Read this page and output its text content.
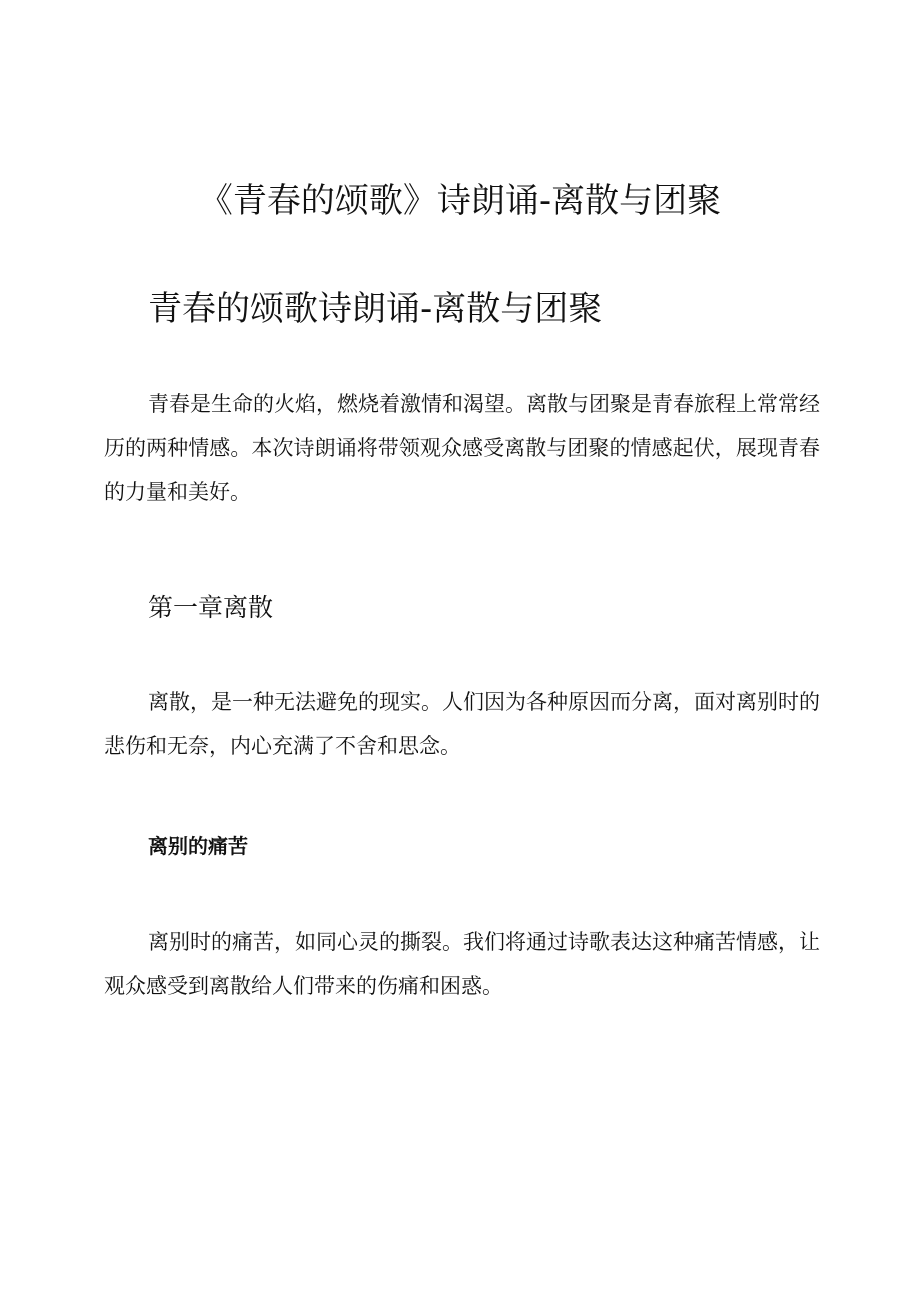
《青春的颂歌》诗朗诵-离散与团聚
青春的颂歌诗朗诵-离散与团聚

青春是生命的火焰，燃烧着激情和渴望。离散与团聚是青春旅程上常常经历的两种情感。本次诗朗诵将带领观众感受离散与团聚的情感起伏，展现青春的力量和美好。

第一章离散

离散，是一种无法避免的现实。人们因为各种原因而分离，面对离别时的悲伤和无奈，内心充满了不舍和思念。

离别的痛苦

离别时的痛苦，如同心灵的撕裂。我们将通过诗歌表达这种痛苦情感，让观众感受到离散给人们带来的伤痛和困惑。
